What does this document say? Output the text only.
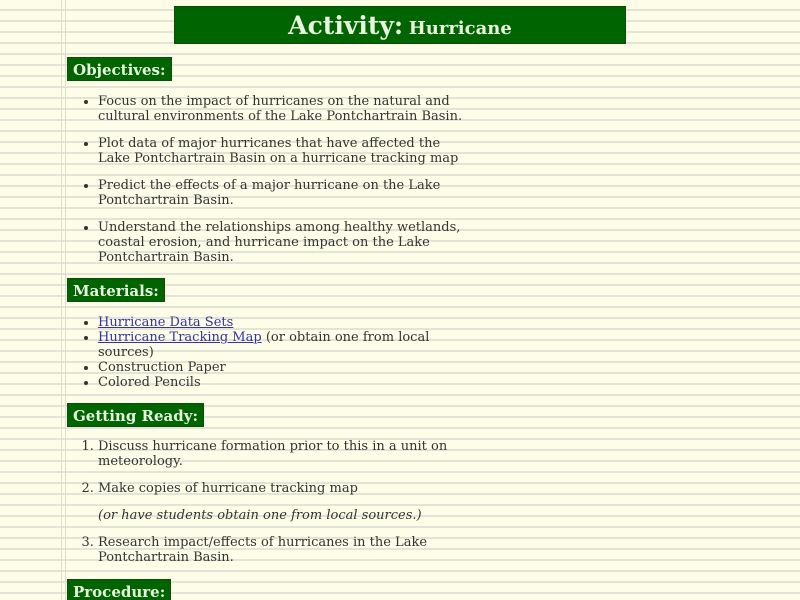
Activity: Hurricane
Objectives:
• Focus on the impact of hurricanes on the natural and cultural environments of the Lake Pontchartrain Basin.
• Plot data of major hurricanes that have affected the Lake Pontchartrain Basin on a hurricane tracking map
• Predict the effects of a major hurricane on the Lake Pontchartrain Basin.
• Understand the relationships among healthy wetlands, coastal erosion, and hurricane impact on the Lake Pontchartrain Basin.
Materials:
• Hurricane Data Sets
• Hurricane Tracking Map (or obtain one from local sources)
• Construction Paper
• Colored Pencils
Getting Ready:
1. Discuss hurricane formation prior to this in a unit on meteorology.
2. Make copies of hurricane tracking map
(or have students obtain one from local sources.)
3. Research impact/effects of hurricanes in the Lake Pontchartrain Basin.
Procedure:
